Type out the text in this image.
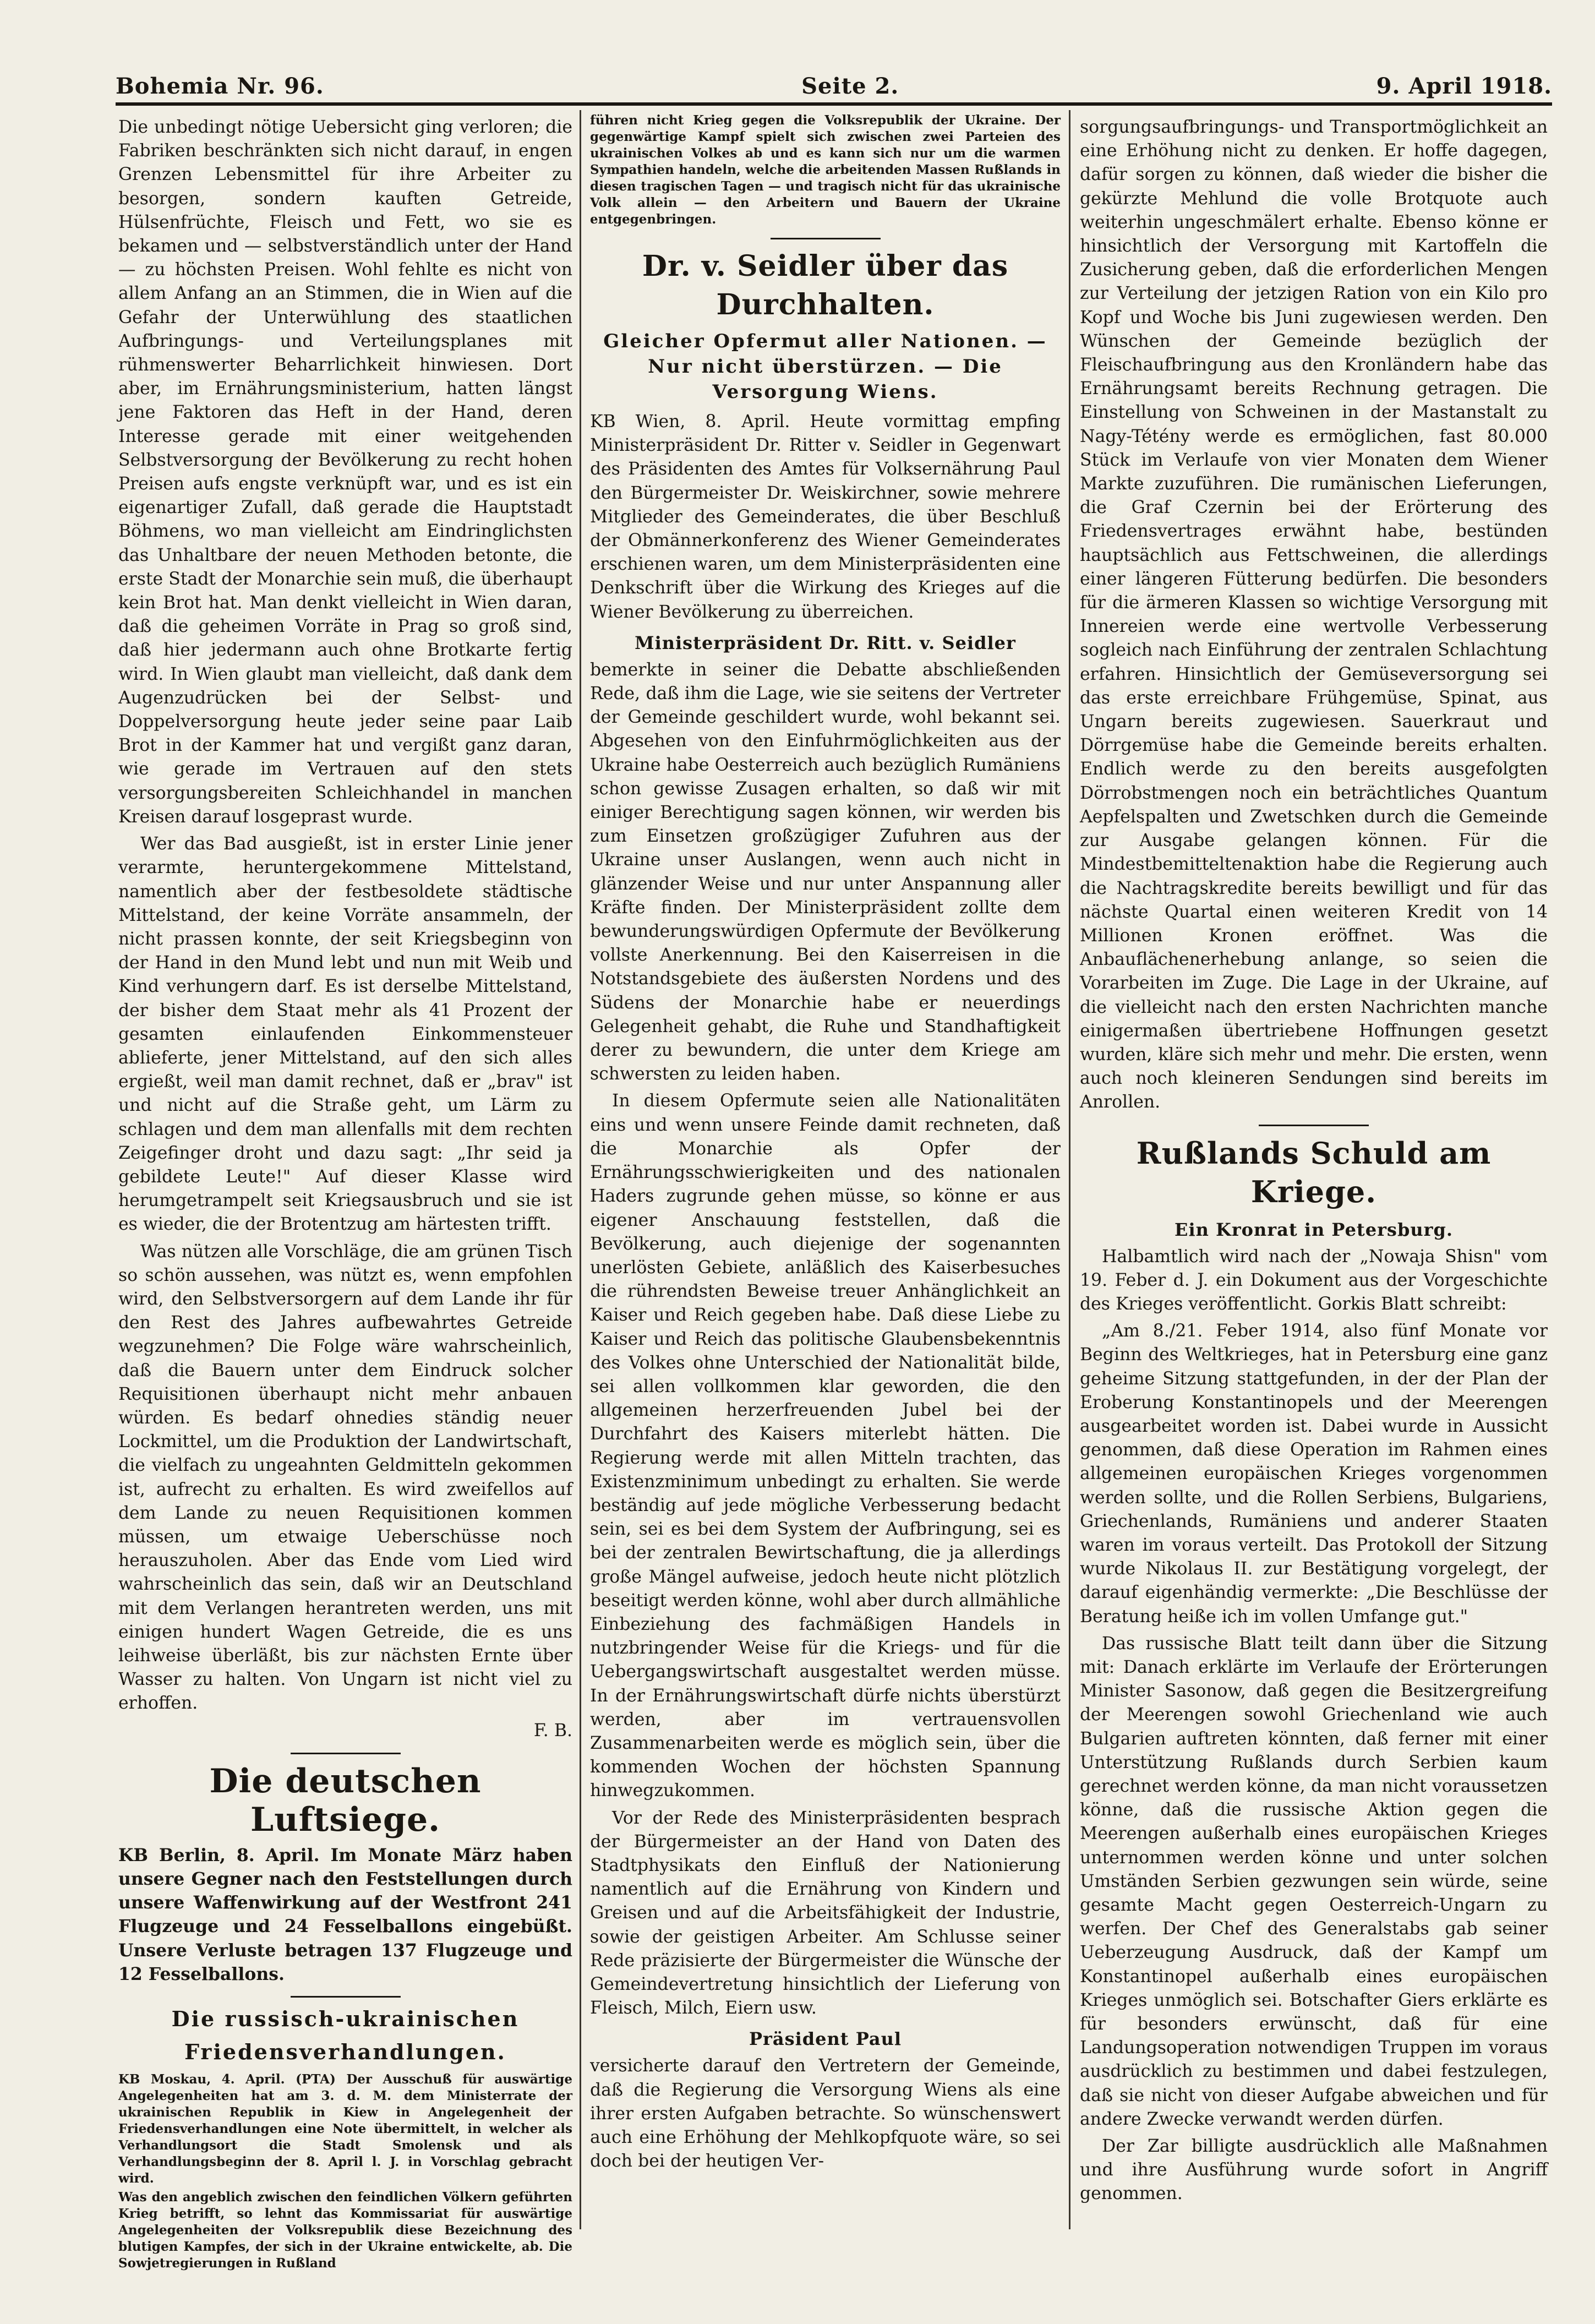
Bohemia Nr. 96.	Seite 2.	9. April 1918.

Die unbedingt nötige Uebersicht ging verloren; die Fabriken beschränkten sich nicht darauf, in engen Grenzen Lebensmittel für ihre Arbeiter zu besorgen, sondern kauften Getreide, Hülsenfrüchte, Fleisch und Fett, wo sie es bekamen und — selbstverständlich unter der Hand — zu höchsten Preisen. Wohl fehlte es nicht von allem Anfang an an Stimmen, die in Wien auf die Gefahr der Unterwühlung des staatlichen Aufbringungs- und Verteilungsplanes mit rühmenswerter Beharrlichkeit hinwiesen. Dort aber, im Ernährungsministerium, hatten längst jene Faktoren das Heft in der Hand, deren Interesse gerade mit einer weitgehenden Selbstversorgung der Bevölkerung zu recht hohen Preisen aufs engste verknüpft war, und es ist ein eigenartiger Zufall, daß gerade die Hauptstadt Böhmens, wo man vielleicht am Eindringlichsten das Unhaltbare der neuen Methoden betonte, die erste Stadt der Monarchie sein muß, die überhaupt kein Brot hat. Man denkt vielleicht in Wien daran, daß die geheimen Vorräte in Prag so groß sind, daß hier jedermann auch ohne Brotkarte fertig wird. In Wien glaubt man vielleicht, daß dank dem Augenzudrücken bei der Selbst- und Doppelversorgung heute jeder seine paar Laib Brot in der Kammer hat und vergißt ganz daran, wie gerade im Vertrauen auf den stets versorgungsbereiten Schleichhandel in manchen Kreisen darauf losgeprast wurde.

Wer das Bad ausgießt, ist in erster Linie jener verarmte, heruntergekommene Mittelstand, namentlich aber der festbesoldete städtische Mittelstand, der keine Vorräte ansammeln, der nicht prassen konnte, der seit Kriegsbeginn von der Hand in den Mund lebt und nun mit Weib und Kind verhungern darf. Es ist derselbe Mittelstand, der bisher dem Staat mehr als 41 Prozent der gesamten einlaufenden Einkommensteuer ablieferte, jener Mittelstand, auf den sich alles ergießt, weil man damit rechnet, daß er „brav" ist und nicht auf die Straße geht, um Lärm zu schlagen und dem man allenfalls mit dem rechten Zeigefinger droht und dazu sagt: „Ihr seid ja gebildete Leute!" Auf dieser Klasse wird herumgetrampelt seit Kriegsausbruch und sie ist es wieder, die der Brotentzug am härtesten trifft.

Was nützen alle Vorschläge, die am grünen Tisch so schön aussehen, was nützt es, wenn empfohlen wird, den Selbstversorgern auf dem Lande ihr für den Rest des Jahres aufbewahrtes Getreide wegzunehmen? Die Folge wäre wahrscheinlich, daß die Bauern unter dem Eindruck solcher Requisitionen überhaupt nicht mehr anbauen würden. Es bedarf ohnedies ständig neuer Lockmittel, um die Produktion der Landwirtschaft, die vielfach zu ungeahnten Geldmitteln gekommen ist, aufrecht zu erhalten. Es wird zweifellos auf dem Lande zu neuen Requisitionen kommen müssen, um etwaige Ueberschüsse noch herauszuholen. Aber das Ende vom Lied wird wahrscheinlich das sein, daß wir an Deutschland mit dem Verlangen herantreten werden, uns mit einigen hundert Wagen Getreide, die es uns leihweise überläßt, bis zur nächsten Ernte über Wasser zu halten. Von Ungarn ist nicht viel zu erhoffen.

F. B.

Die deutschen Luftsiege.

KB Berlin, 8. April. Im Monate März haben unsere Gegner nach den Feststellungen durch unsere Waffenwirkung auf der Westfront 241 Flugzeuge und 24 Fesselballons eingebüßt. Unsere Verluste betragen 137 Flugzeuge und 12 Fesselballons.

Die russisch-ukrainischen
Friedensverhandlungen.

KB Moskau, 4. April. (PTA) Der Ausschuß für auswärtige Angelegenheiten hat am 3. d. M. dem Ministerrate der ukrainischen Republik in Kiew in Angelegenheit der Friedensverhandlungen eine Note übermittelt, in welcher als Verhandlungsort die Stadt Smolensk und als Verhandlungsbeginn der 8. April l. J. in Vorschlag gebracht wird.

Was den angeblich zwischen den feindlichen Völkern geführten Krieg betrifft, so lehnt das Kommissariat für auswärtige Angelegenheiten der Volksrepublik diese Bezeichnung des blutigen Kampfes, der sich in der Ukraine entwickelte, ab. Die Sowjetregierungen in Rußland

führen nicht Krieg gegen die Volksrepublik der Ukraine. Der gegenwärtige Kampf spielt sich zwischen zwei Parteien des ukrainischen Volkes ab und es kann sich nur um die warmen Sympathien handeln, welche die arbeitenden Massen Rußlands in diesen tragischen Tagen — und tragisch nicht für das ukrainische Volk allein — den Arbeitern und Bauern der Ukraine entgegenbringen.

Dr. v. Seidler über das Durchhalten.
Gleicher Opfermut aller Nationen. — Nur nicht überstürzen. — Die Versorgung Wiens.

KB Wien, 8. April. Heute vormittag empfing Ministerpräsident Dr. Ritter v. Seidler in Gegenwart des Präsidenten des Amtes für Volksernährung Paul den Bürgermeister Dr. Weiskirchner, sowie mehrere Mitglieder des Gemeinderates, die über Beschluß der Obmännerkonferenz des Wiener Gemeinderates erschienen waren, um dem Ministerpräsidenten eine Denkschrift über die Wirkung des Krieges auf die Wiener Bevölkerung zu überreichen.

Ministerpräsident Dr. Ritt. v. Seidler

bemerkte in seiner die Debatte abschließenden Rede, daß ihm die Lage, wie sie seitens der Vertreter der Gemeinde geschildert wurde, wohl bekannt sei. Abgesehen von den Einfuhrmöglichkeiten aus der Ukraine habe Oesterreich auch bezüglich Rumäniens schon gewisse Zusagen erhalten, so daß wir mit einiger Berechtigung sagen können, wir werden bis zum Einsetzen großzügiger Zufuhren aus der Ukraine unser Auslangen, wenn auch nicht in glänzender Weise und nur unter Anspannung aller Kräfte finden. Der Ministerpräsident zollte dem bewunderungswürdigen Opfermute der Bevölkerung vollste Anerkennung. Bei den Kaiserreisen in die Notstandsgebiete des äußersten Nordens und des Südens der Monarchie habe er neuerdings Gelegenheit gehabt, die Ruhe und Standhaftigkeit derer zu bewundern, die unter dem Kriege am schwersten zu leiden haben.

In diesem Opfermute seien alle Nationalitäten eins und wenn unsere Feinde damit rechneten, daß die Monarchie als Opfer der Ernährungsschwierigkeiten und des nationalen Haders zugrunde gehen müsse, so könne er aus eigener Anschauung feststellen, daß die Bevölkerung, auch diejenige der sogenannten unerlösten Gebiete, anläßlich des Kaiserbesuches die rührendsten Beweise treuer Anhänglichkeit an Kaiser und Reich gegeben habe. Daß diese Liebe zu Kaiser und Reich das politische Glaubensbekenntnis des Volkes ohne Unterschied der Nationalität bilde, sei allen vollkommen klar geworden, die den allgemeinen herzerfreuenden Jubel bei der Durchfahrt des Kaisers miterlebt hätten. Die Regierung werde mit allen Mitteln trachten, das Existenzminimum unbedingt zu erhalten. Sie werde beständig auf jede mögliche Verbesserung bedacht sein, sei es bei dem System der Aufbringung, sei es bei der zentralen Bewirtschaftung, die ja allerdings große Mängel aufweise, jedoch heute nicht plötzlich beseitigt werden könne, wohl aber durch allmähliche Einbeziehung des fachmäßigen Handels in nutzbringender Weise für die Kriegs- und für die Uebergangswirtschaft ausgestaltet werden müsse. In der Ernährungswirtschaft dürfe nichts überstürzt werden, aber im vertrauensvollen Zusammenarbeiten werde es möglich sein, über die kommenden Wochen der höchsten Spannung hinwegzukommen.

Vor der Rede des Ministerpräsidenten besprach der Bürgermeister an der Hand von Daten des Stadtphysikats den Einfluß der Nationierung namentlich auf die Ernährung von Kindern und Greisen und auf die Arbeitsfähigkeit der Industrie, sowie der geistigen Arbeiter. Am Schlusse seiner Rede präzisierte der Bürgermeister die Wünsche der Gemeindevertretung hinsichtlich der Lieferung von Fleisch, Milch, Eiern usw.

Präsident Paul

versicherte darauf den Vertretern der Gemeinde, daß die Regierung die Versorgung Wiens als eine ihrer ersten Aufgaben betrachte. So wünschenswert auch eine Erhöhung der Mehlkopfquote wäre, so sei doch bei der heutigen Ver-

sorgungsaufbringungs- und Transportmöglichkeit an eine Erhöhung nicht zu denken. Er hoffe dagegen, dafür sorgen zu können, daß wieder die bisher die gekürzte Mehlund die volle Brotquote auch weiterhin ungeschmälert erhalte. Ebenso könne er hinsichtlich der Versorgung mit Kartoffeln die Zusicherung geben, daß die erforderlichen Mengen zur Verteilung der jetzigen Ration von ein Kilo pro Kopf und Woche bis Juni zugewiesen werden. Den Wünschen der Gemeinde bezüglich der Fleischaufbringung aus den Kronländern habe das Ernährungsamt bereits Rechnung getragen. Die Einstellung von Schweinen in der Mastanstalt zu Nagy-Tétény werde es ermöglichen, fast 80.000 Stück im Verlaufe von vier Monaten dem Wiener Markte zuzuführen. Die rumänischen Lieferungen, die Graf Czernin bei der Erörterung des Friedensvertrages erwähnt habe, bestünden hauptsächlich aus Fettschweinen, die allerdings einer längeren Fütterung bedürfen. Die besonders für die ärmeren Klassen so wichtige Versorgung mit Innereien werde eine wertvolle Verbesserung sogleich nach Einführung der zentralen Schlachtung erfahren. Hinsichtlich der Gemüseversorgung sei das erste erreichbare Frühgemüse, Spinat, aus Ungarn bereits zugewiesen. Sauerkraut und Dörrgemüse habe die Gemeinde bereits erhalten. Endlich werde zu den bereits ausgefolgten Dörrobstmengen noch ein beträchtliches Quantum Aepfelspalten und Zwetschken durch die Gemeinde zur Ausgabe gelangen können. Für die Mindestbemitteltenaktion habe die Regierung auch die Nachtragskredite bereits bewilligt und für das nächste Quartal einen weiteren Kredit von 14 Millionen Kronen eröffnet. Was die Anbauflächenerhebung anlange, so seien die Vorarbeiten im Zuge. Die Lage in der Ukraine, auf die vielleicht nach den ersten Nachrichten manche einigermaßen übertriebene Hoffnungen gesetzt wurden, kläre sich mehr und mehr. Die ersten, wenn auch noch kleineren Sendungen sind bereits im Anrollen.

Rußlands Schuld am Kriege.
Ein Kronrat in Petersburg.

Halbamtlich wird nach der „Nowaja Shisn" vom 19. Feber d. J. ein Dokument aus der Vorgeschichte des Krieges veröffentlicht. Gorkis Blatt schreibt:

„Am 8./21. Feber 1914, also fünf Monate vor Beginn des Weltkrieges, hat in Petersburg eine ganz geheime Sitzung stattgefunden, in der der Plan der Eroberung Konstantinopels und der Meerengen ausgearbeitet worden ist. Dabei wurde in Aussicht genommen, daß diese Operation im Rahmen eines allgemeinen europäischen Krieges vorgenommen werden sollte, und die Rollen Serbiens, Bulgariens, Griechenlands, Rumäniens und anderer Staaten waren im voraus verteilt. Das Protokoll der Sitzung wurde Nikolaus II. zur Bestätigung vorgelegt, der darauf eigenhändig vermerkte: „Die Beschlüsse der Beratung heiße ich im vollen Umfange gut."

Das russische Blatt teilt dann über die Sitzung mit: Danach erklärte im Verlaufe der Erörterungen Minister Sasonow, daß gegen die Besitzergreifung der Meerengen sowohl Griechenland wie auch Bulgarien auftreten könnten, daß ferner mit einer Unterstützung Rußlands durch Serbien kaum gerechnet werden könne, da man nicht voraussetzen könne, daß die russische Aktion gegen die Meerengen außerhalb eines europäischen Krieges unternommen werden könne und unter solchen Umständen Serbien gezwungen sein würde, seine gesamte Macht gegen Oesterreich-Ungarn zu werfen. Der Chef des Generalstabs gab seiner Ueberzeugung Ausdruck, daß der Kampf um Konstantinopel außerhalb eines europäischen Krieges unmöglich sei. Botschafter Giers erklärte es für besonders erwünscht, daß für eine Landungsoperation notwendigen Truppen im voraus ausdrücklich zu bestimmen und dabei festzulegen, daß sie nicht von dieser Aufgabe abweichen und für andere Zwecke verwandt werden dürfen.

Der Zar billigte ausdrücklich alle Maßnahmen und ihre Ausführung wurde sofort in Angriff genommen.
